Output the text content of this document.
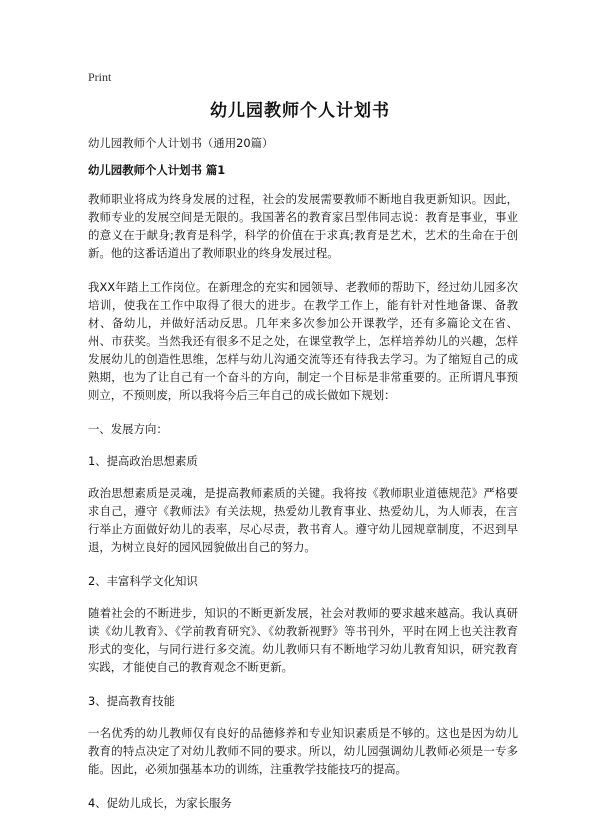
Print
幼儿园教师个人计划书

幼儿园教师个人计划书（通用20篇）

幼儿园教师个人计划书 篇1

教师职业将成为终身发展的过程，社会的发展需要教师不断地自我更新知识。因此，教师专业的发展空间是无限的。我国著名的教育家吕型伟同志说：教育是事业，事业的意义在于献身;教育是科学，科学的价值在于求真;教育是艺术，艺术的生命在于创新。他的这番话道出了教师职业的终身发展过程。

我XX年踏上工作岗位。在新理念的充实和园领导、老教师的帮助下，经过幼儿园多次培训，使我在工作中取得了很大的进步。在教学工作上，能有针对性地备课、备教材、备幼儿，并做好活动反思。几年来多次参加公开课教学，还有多篇论文在省、州、市获奖。当然我还有很多不足之处，在课堂教学上，怎样培养幼儿的兴趣，怎样发展幼儿的创造性思维，怎样与幼儿沟通交流等还有待我去学习。为了缩短自己的成熟期，也为了让自己有一个奋斗的方向，制定一个目标是非常重要的。正所谓凡事预则立，不预则废，所以我将今后三年自己的成长做如下规划：

一、发展方向：

1、提高政治思想素质

政治思想素质是灵魂，是提高教师素质的关键。我将按《教师职业道德规范》严格要求自己，遵守《教师法》有关法规，热爱幼儿教育事业、热爱幼儿，为人师表，在言行举止方面做好幼儿的表率，尽心尽责，教书育人。遵守幼儿园规章制度，不迟到早退，为树立良好的园风园貌做出自己的努力。

2、丰富科学文化知识

随着社会的不断进步，知识的不断更新发展，社会对教师的要求越来越高。我认真研读《幼儿教育》、《学前教育研究》、《幼教新视野》等书刊外，平时在网上也关注教育形式的变化，与同行进行多交流。幼儿教师只有不断地学习幼儿教育知识，研究教育实践，才能使自己的教育观念不断更新。

3、提高教育技能

一名优秀的幼儿教师仅有良好的品德修养和专业知识素质是不够的。这也是因为幼儿教育的特点决定了对幼儿教师不同的要求。所以，幼儿园强调幼儿教师必须是一专多能。因此，必须加强基本功的训练，注重教学技能技巧的提高。

4、促幼儿成长，为家长服务
